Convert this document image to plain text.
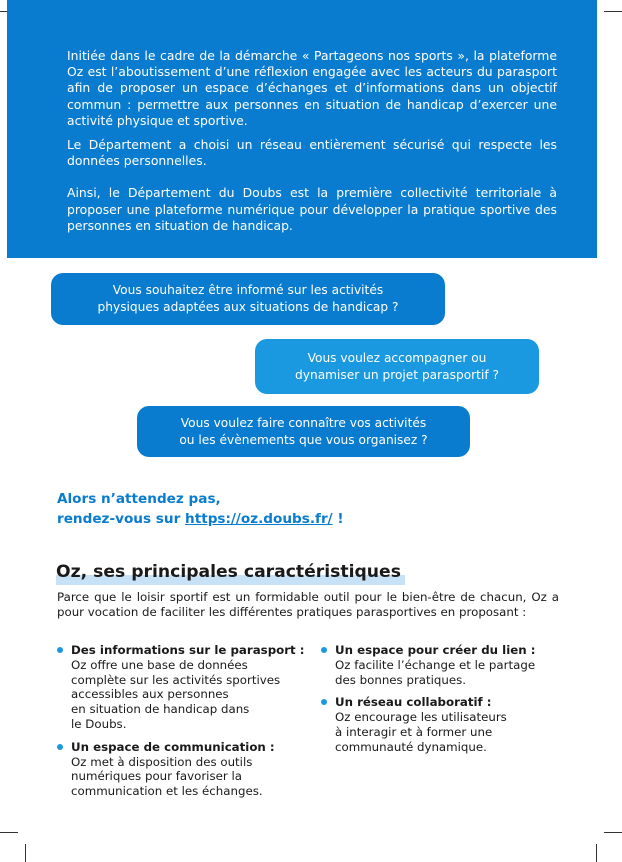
Initiée dans le cadre de la démarche « Partageons nos sports », la plateforme Oz est l’aboutissement d’une réflexion engagée avec les acteurs du parasport afin de proposer un espace d’échanges et d’informations dans un objectif commun : permettre aux personnes en situation de handicap d’exercer une activité physique et sportive.

Le Département a choisi un réseau entièrement sécurisé qui respecte les données personnelles.

Ainsi, le Département du Doubs est la première collectivité territoriale à proposer une plateforme numérique pour développer la pratique sportive des personnes en situation de handicap.

Vous souhaitez être informé sur les activités
physiques adaptées aux situations de handicap ?
Vous voulez accompagner ou
dynamiser un projet parasportif ?
Vous voulez faire connaître vos activités
ou les évènements que vous organisez ?
Alors n’attendez pas,
rendez-vous sur https://oz.doubs.fr/ !
Oz, ses principales caractéristiques
Parce que le loisir sportif est un formidable outil pour le bien-être de chacun, Oz a pour vocation de faciliter les différentes pratiques parasportives en proposant :
Des informations sur le parasport :
Oz offre une base de données
complète sur les activités sportives
accessibles aux personnes
en situation de handicap dans
le Doubs.
Un espace de communication :
Oz met à disposition des outils
numériques pour favoriser la
communication et les échanges.
Un espace pour créer du lien :
Oz facilite l’échange et le partage
des bonnes pratiques.
Un réseau collaboratif :
Oz encourage les utilisateurs
à interagir et à former une
communauté dynamique.
